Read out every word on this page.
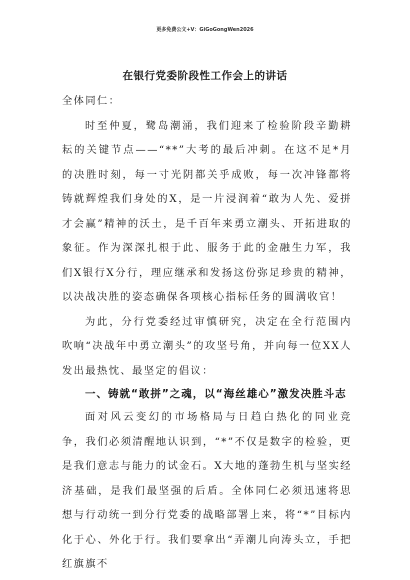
更多免费公文+V：GiGoGongWen2026
在银行党委阶段性工作会上的讲话
全体同仁：
时至仲夏，鹭岛潮涌，我们迎来了检验阶段辛勤耕耘的关键节点——“**”大考的最后冲刺。在这不足*月的决胜时刻，每一寸光阴都关乎成败，每一次冲锋都将铸就辉煌我们身处的X，是一片浸润着“敢为人先、爱拼才会赢”精神的沃土，是千百年来勇立潮头、开拓进取的象征。作为深深扎根于此、服务于此的金融生力军，我们X银行X分行，理应继承和发扬这份弥足珍贵的精神，以决战决胜的姿态确保各项核心指标任务的圆满收官！
为此，分行党委经过审慎研究，决定在全行范围内吹响“决战年中勇立潮头”的攻坚号角，并向每一位XX人发出最热忱、最坚定的倡议：
一、铸就“敢拼”之魂，以“海丝雄心”激发决胜斗志
面对风云变幻的市场格局与日趋白热化的同业竞争，我们必须清醒地认识到，“*”不仅是数字的检验，更是我们意志与能力的试金石。X大地的蓬勃生机与坚实经济基础，是我们最坚强的后盾。全体同仁必须迅速将思想与行动统一到分行党委的战略部署上来，将“*”目标内化于心、外化于行。我们要拿出“弄潮儿向涛头立，手把红旗旗不
